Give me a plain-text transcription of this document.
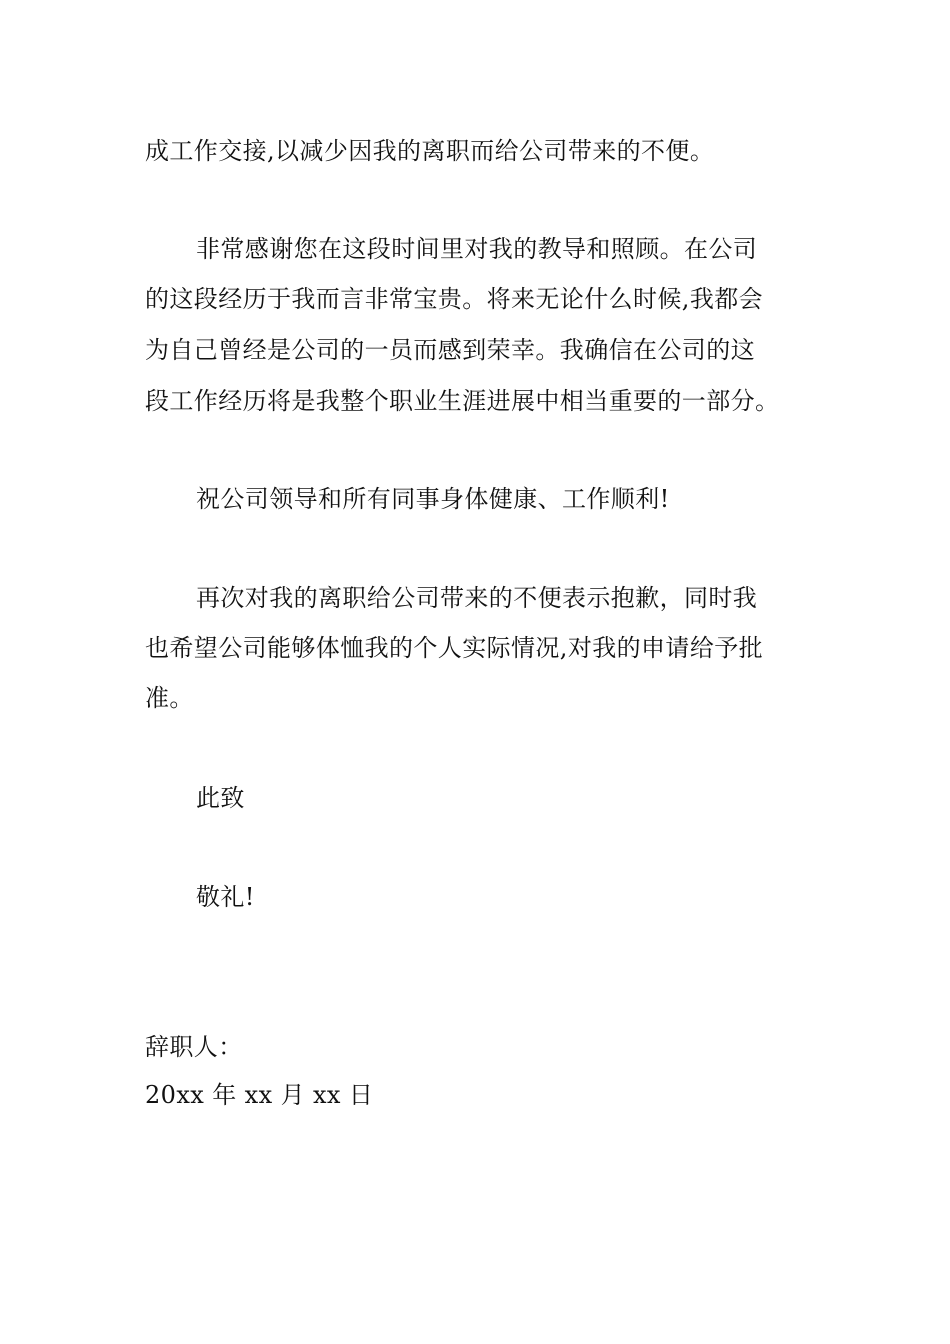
成工作交接,以减少因我的离职而给公司带来的不便。
非常感谢您在这段时间里对我的教导和照顾。在公司
的这段经历于我而言非常宝贵。将来无论什么时候,我都会
为自己曾经是公司的一员而感到荣幸。我确信在公司的这
段工作经历将是我整个职业生涯进展中相当重要的一部分。
祝公司领导和所有同事身体健康、工作顺利!
再次对我的离职给公司带来的不便表示抱歉，同时我
也希望公司能够体恤我的个人实际情况,对我的申请给予批
准。
此致
敬礼!
辞职人：
20xx 年 xx 月 xx 日
